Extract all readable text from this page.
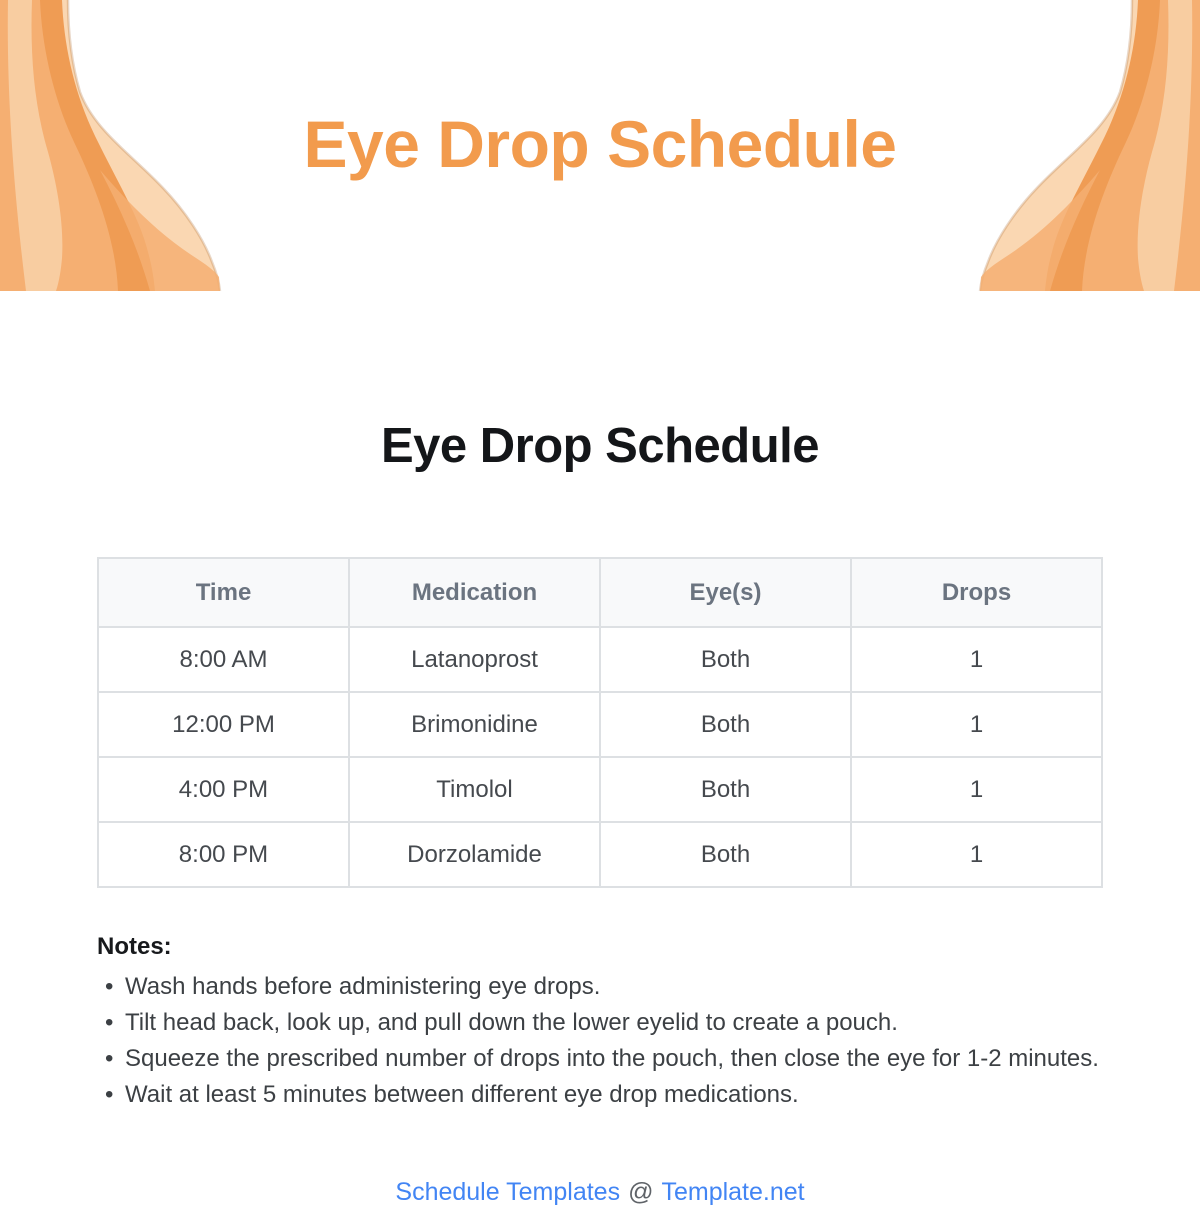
Eye Drop Schedule
Eye Drop Schedule
Time	Medication	Eye(s)	Drops
8:00 AM	Latanoprost	Both	1
12:00 PM	Brimonidine	Both	1
4:00 PM	Timolol	Both	1
8:00 PM	Dorzolamide	Both	1
Notes:
• Wash hands before administering eye drops.
• Tilt head back, look up, and pull down the lower eyelid to create a pouch.
• Squeeze the prescribed number of drops into the pouch, then close the eye for 1-2 minutes.
• Wait at least 5 minutes between different eye drop medications.
Schedule Templates @ Template.net
